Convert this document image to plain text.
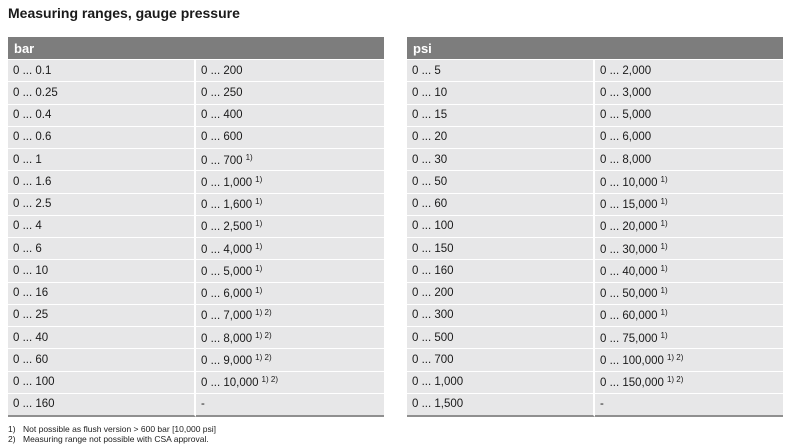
Measuring ranges, gauge pressure
bar	
0 ... 0.1	0 ... 200
0 ... 0.25	0 ... 250
0 ... 0.4	0 ... 400
0 ... 0.6	0 ... 600
0 ... 1	0 ... 700 $^{1)}$
0 ... 1.6	0 ... 1,000 $^{1)}$
0 ... 2.5	0 ... 1,600 $^{1)}$
0 ... 4	0 ... 2,500 $^{1)}$
0 ... 6	0 ... 4,000 $^{1)}$
0 ... 10	0 ... 5,000 $^{1)}$
0 ... 16	0 ... 6,000 $^{1)}$
0 ... 25	0 ... 7,000 $^{1) 2)}$
0 ... 40	0 ... 8,000 $^{1) 2)}$
0 ... 60	0 ... 9,000 $^{1) 2)}$
0 ... 100	0 ... 10,000 $^{1) 2)}$
0 ... 160	-
psi	
0 ... 5	0 ... 2,000
0 ... 10	0 ... 3,000
0 ... 15	0 ... 5,000
0 ... 20	0 ... 6,000
0 ... 30	0 ... 8,000
0 ... 50	0 ... 10,000 $^{1)}$
0 ... 60	0 ... 15,000 $^{1)}$
0 ... 100	0 ... 20,000 $^{1)}$
0 ... 150	0 ... 30,000 $^{1)}$
0 ... 160	0 ... 40,000 $^{1)}$
0 ... 200	0 ... 50,000 $^{1)}$
0 ... 300	0 ... 60,000 $^{1)}$
0 ... 500	0 ... 75,000 $^{1)}$
0 ... 700	0 ... 100,000 $^{1) 2)}$
0 ... 1,000	0 ... 150,000 $^{1) 2)}$
0 ... 1,500	-
1) Not possible as flush version > 600 bar [10,000 psi]
2) Measuring range not possible with CSA approval.
